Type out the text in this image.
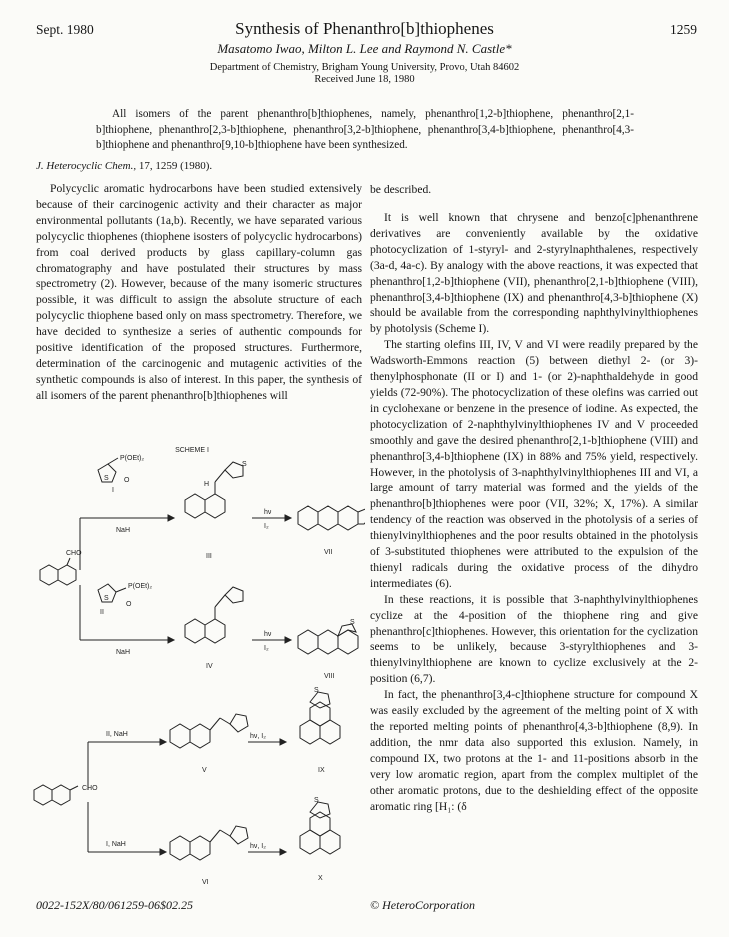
Sept. 1980	Synthesis of Phenanthro[b]thiophenes	1259
Masatomo Iwao, Milton L. Lee and Raymond N. Castle*
Department of Chemistry, Brigham Young University, Provo, Utah 84602
Received June 18, 1980

All isomers of the parent phenanthro[b]thiophenes, namely, phenanthro[1,2-b]thiophene, phenanthro[2,1-b]thiophene, phenanthro[2,3-b]thiophene, phenanthro[3,2-b]thiophene, phenanthro[3,4-b]thiophene, phenanthro[4,3-b]thiophene and phenanthro[9,10-b]thiophene have been synthesized.

J. Heterocyclic Chem., 17, 1259 (1980).

Polycyclic aromatic hydrocarbons have been studied extensively because of their carcinogenic activity and their character as major environmental pollutants (1a,b). Recently, we have separated various polycyclic thiophenes (thiophene isosters of polycyclic hydrocarbons) from coal derived products by glass capillary-column gas chromatography and have postulated their structures by mass spectrometry (2). However, because of the many isomeric structures possible, it was difficult to assign the absolute structure of each polycyclic thiophene based only on mass spectrometry. Therefore, we have decided to synthesize a series of authentic compounds for positive identification of the proposed structures. Furthermore, determination of the carcinogenic and mutagenic activities of the synthetic compounds is also of interest. In this paper, the synthesis of all isomers of the parent phenanthro[b]thiophenes will

be described.

It is well known that chrysene and benzo[c]phenanthrene derivatives are conveniently available by the oxidative photocyclization of 1-styryl- and 2-styrylnaphthalenes, respectively (3a-d, 4a-c). By analogy with the above reactions, it was expected that phenanthro[1,2-b]thiophene (VII), phenanthro[2,1-b]thiophene (VIII), phenanthro[3,4-b]thiophene (IX) and phenanthro[4,3-b]thiophene (X) should be available from the corresponding naphthylvinylthiophenes by photolysis (Scheme I).

The starting olefins III, IV, V and VI were readily prepared by the Wadsworth-Emmons reaction (5) between diethyl 2- (or 3)-thenylphosphonate (II or I) and 1- (or 2)-naphthaldehyde in good yields (72-90%). The photocyclization of these olefins was carried out in cyclohexane or benzene in the presence of iodine. As expected, the photocyclization of 2-naphthylvinylthiophenes IV and V proceeded smoothly and gave the desired phenanthro[2,1-b]thiophene (VIII) and phenanthro[3,4-b]thiophene (IX) in 88% and 75% yield, respectively. However, in the photolysis of 3-naphthylvinylthiophenes III and VI, a large amount of tarry material was formed and the yields of the phenanthro[b]thiophenes were poor (VII, 32%; X, 17%). A similar tendency of the reaction was observed in the photolysis of a series of thienylvinylthiophenes and the poor results obtained in the photolysis of 3-substituted thiophenes were attributed to the expulsion of the thienyl radicals during the oxidative process of the dihydro intermediates (6).

In these reactions, it is possible that 3-naphthylvinylthiophenes cyclize at the 4-position of the thiophene ring and give phenanthro[c]thiophenes. However, this orientation for the cyclization seems to be unlikely, because 3-styrylthiophenes and 3-thienylvinylthiophene are known to cyclize exclusively at the 2-position (6,7).

In fact, the phenanthro[3,4-c]thiophene structure for compound X was easily excluded by the agreement of the melting point of X with the reported melting points of phenanthro[4,3-b]thiophene (8,9). In addition, the nmr data also supported this exlusion. Namely, in compound IX, two protons at the 1- and 11-positions absorb in the very low aromatic region, apart from the complex multiplet of the other aromatic protons, due to the deshielding effect of the opposite aromatic ring [H₁: (δ

SCHEME I
CHO
CHO
P(OEt)₂
O
S
I
P(OEt)₂
O
S
II
NaH
NaH
II, NaH
I, NaH
hν
I₂
hν
I₂
hν, I₂
hν, I₂
III
IV
V
VI
VII
VIII
IX
X
S
H
S
S
S
0022-152X/80/061259-06$02.25	© HeteroCorporation
